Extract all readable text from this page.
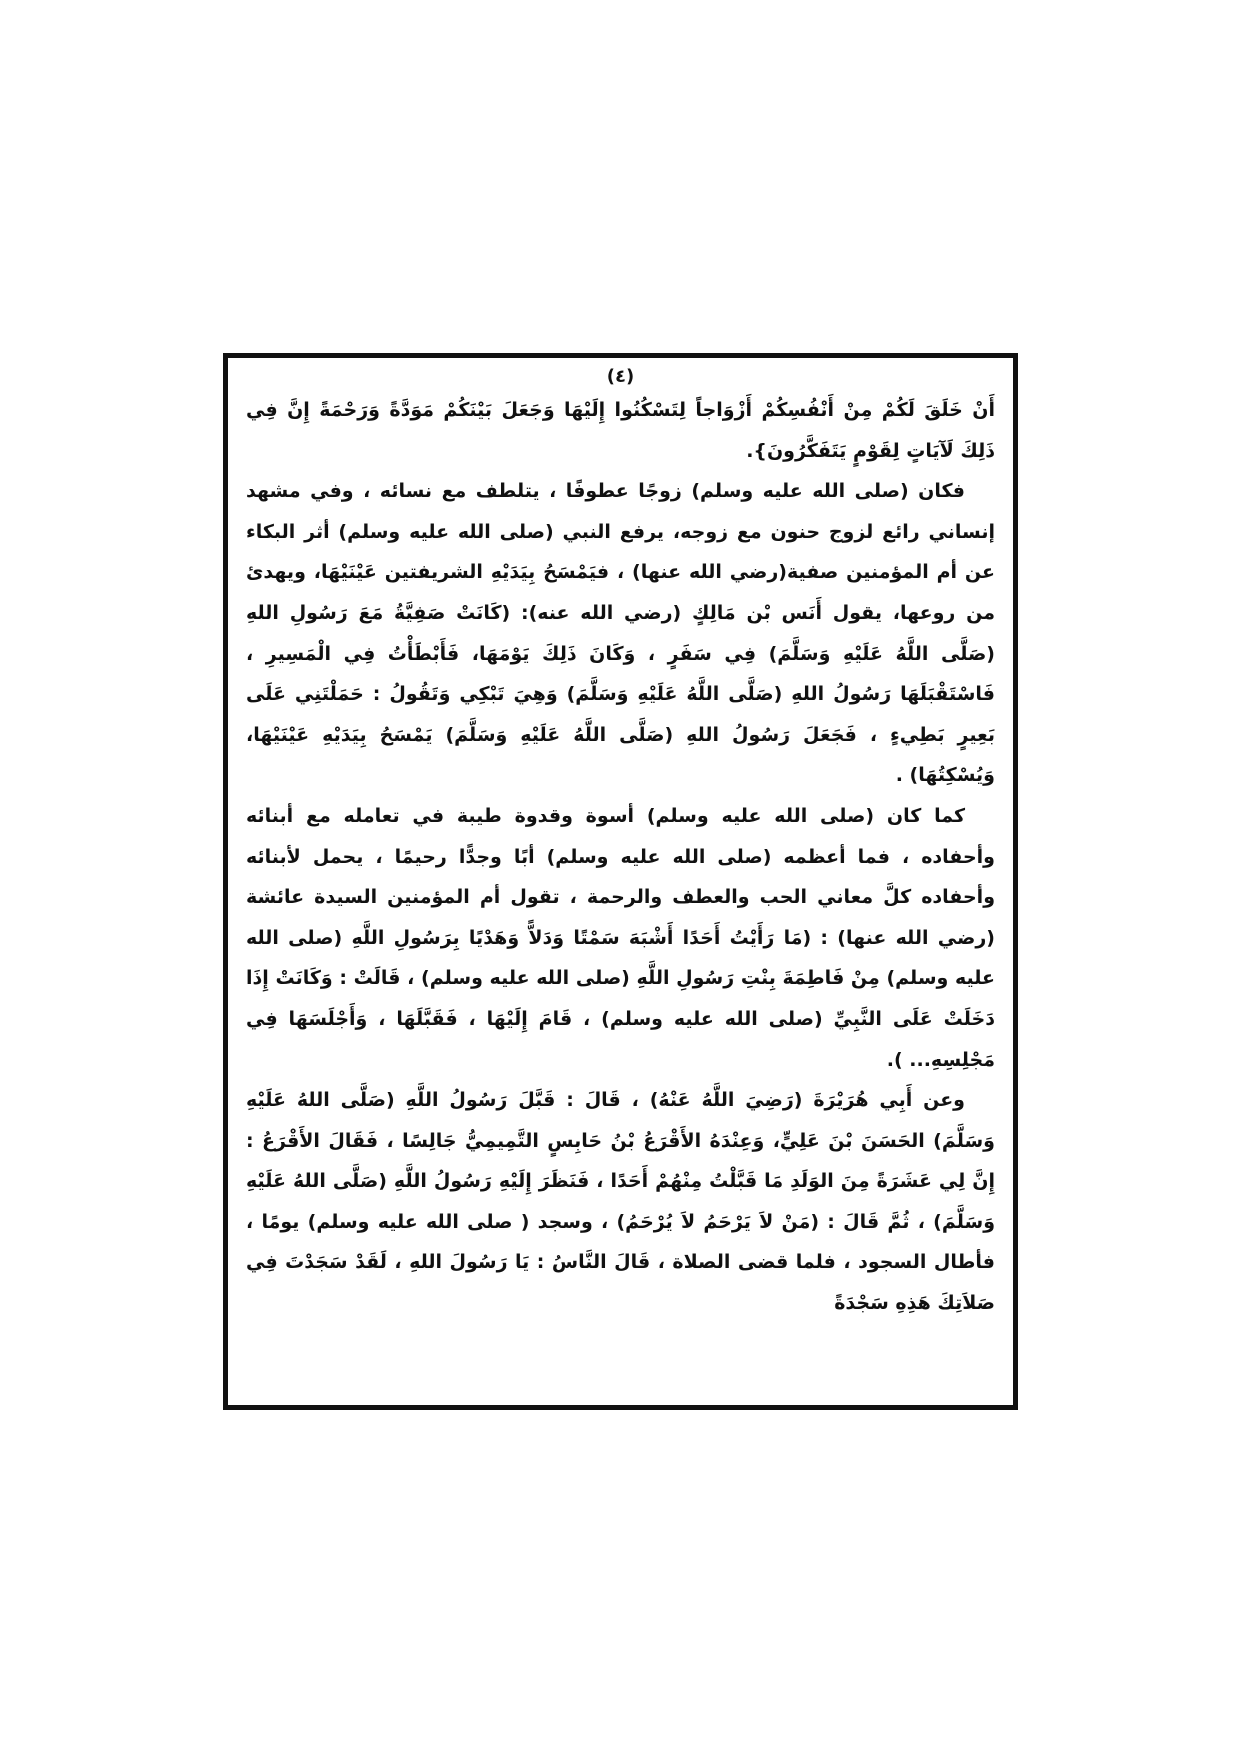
(٤)

أَنْ خَلَقَ لَكُمْ مِنْ أَنْفُسِكُمْ أَزْوَاجاً لِتَسْكُنُوا إِلَيْهَا وَجَعَلَ بَيْنَكُمْ مَوَدَّةً وَرَحْمَةً إِنَّ فِي ذَلِكَ لَآيَاتٍ لِقَوْمٍ يَتَفَكَّرُونَ}.

فكان (صلى الله عليه وسلم) زوجًا عطوفًا ، يتلطف مع نسائه ، وفي مشهد إنساني رائع لزوج حنون مع زوجه، يرفع النبي (صلى الله عليه وسلم) أثر البكاء عن أم المؤمنين صفية(رضي الله عنها) ، فيَمْسَحُ بِيَدَيْهِ الشريفتين عَيْنَيْهَا، ويهدئ من روعها، يقول أَنَس بْن مَالِكٍ (رضي الله عنه): (كَانَتْ صَفِيَّةُ مَعَ رَسُولِ اللهِ (صَلَّى اللَّهُ عَلَيْهِ وَسَلَّمَ) فِي سَفَرٍ ، وَكَانَ ذَلِكَ يَوْمَهَا، فَأَبْطَأْتُ فِي الْمَسِيرِ ، فَاسْتَقْبَلَهَا رَسُولُ اللهِ (صَلَّى اللَّهُ عَلَيْهِ وَسَلَّمَ) وَهِيَ تَبْكِي وَتَقُولُ : حَمَلْتَنِي عَلَى بَعِيرٍ بَطِيءٍ ، فَجَعَلَ رَسُولُ اللهِ (صَلَّى اللَّهُ عَلَيْهِ وَسَلَّمَ) يَمْسَحُ بِيَدَيْهِ عَيْنَيْهَا، وَيُسْكِتُهَا) .

كما كان (صلى الله عليه وسلم) أسوة وقدوة طيبة في تعامله مع أبنائه وأحفاده ، فما أعظمه (صلى الله عليه وسلم) أبًا وجدًّا رحيمًا ، يحمل لأبنائه وأحفاده كلَّ معاني الحب والعطف والرحمة ، تقول أم المؤمنين السيدة عائشة (رضي الله عنها) : (مَا رَأَيْتُ أَحَدًا أَشْبَهَ سَمْتًا وَدَلاًّ وَهَدْيًا بِرَسُولِ اللَّهِ (صلى الله عليه وسلم) مِنْ فَاطِمَةَ بِنْتِ رَسُولِ اللَّهِ (صلى الله عليه وسلم) ، قَالَتْ : وَكَانَتْ إِذَا دَخَلَتْ عَلَى النَّبِيِّ (صلى الله عليه وسلم) ، قَامَ إِلَيْهَا ، فَقَبَّلَهَا ، وَأَجْلَسَهَا فِي مَجْلِسِهِ... ).

وعن أَبِي هُرَيْرَةَ (رَضِيَ اللَّهُ عَنْهُ) ، قَالَ : قَبَّلَ رَسُولُ اللَّهِ (صَلَّى اللهُ عَلَيْهِ وَسَلَّمَ) الحَسَنَ بْنَ عَلِيٍّ، وَعِنْدَهُ الأَقْرَعُ بْنُ حَابِسٍ التَّمِيمِيُّ جَالِسًا ، فَقَالَ الأَقْرَعُ : إِنَّ لِي عَشَرَةً مِنَ الوَلَدِ مَا قَبَّلْتُ مِنْهُمْ أَحَدًا ، فَنَظَرَ إِلَيْهِ رَسُولُ اللَّهِ (صَلَّى اللهُ عَلَيْهِ وَسَلَّمَ) ، ثُمَّ قَالَ : (مَنْ لاَ يَرْحَمُ لاَ يُرْحَمُ) ، وسجد ( صلى الله عليه وسلم) يومًا ، فأطال السجود ، فلما قضى الصلاة ، قَالَ النَّاسُ : يَا رَسُولَ اللهِ ، لَقَدْ سَجَدْتَ فِي صَلاَتِكَ هَذِهِ سَجْدَةً
